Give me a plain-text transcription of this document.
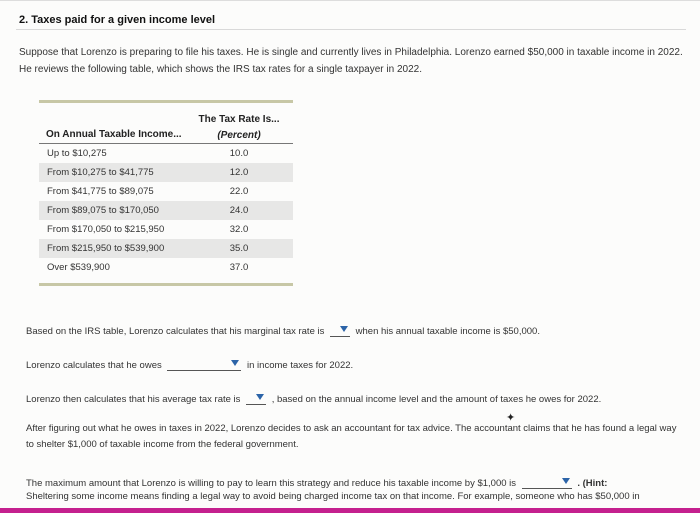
2. Taxes paid for a given income level
Suppose that Lorenzo is preparing to file his taxes. He is single and currently lives in Philadelphia. Lorenzo earned $50,000 in taxable income in 2022. He reviews the following table, which shows the IRS tax rates for a single taxpayer in 2022.
On Annual Taxable Income...
The Tax Rate Is...
(Percent)
Up to $10,275	10.0
From $10,275 to $41,775	12.0
From $41,775 to $89,075	22.0
From $89,075 to $170,050	24.0
From $170,050 to $215,950	32.0
From $215,950 to $539,900	35.0
Over $539,900	37.0
Based on the IRS table, Lorenzo calculates that his marginal tax rate is	when his annual taxable income is $50,000.
Lorenzo calculates that he owes	in income taxes for 2022.
Lorenzo then calculates that his average tax rate is	, based on the annual income level and the amount of taxes he owes for 2022.
✦
After figuring out what he owes in taxes in 2022, Lorenzo decides to ask an accountant for tax advice. The accountant claims that he has found a legal way to shelter $1,000 of taxable income from the federal government.
The maximum amount that Lorenzo is willing to pay to learn this strategy and reduce his taxable income by $1,000 is	. (Hint:
Sheltering some income means finding a legal way to avoid being charged income tax on that income. For example, someone who has $50,000 in
